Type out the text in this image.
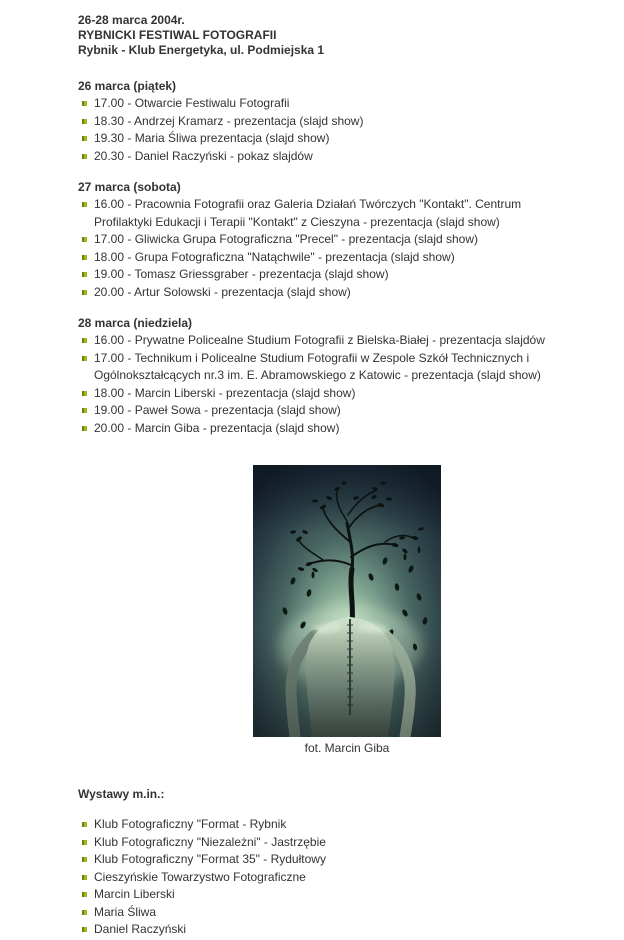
26-28 marca 2004r.
RYBNICKI FESTIWAL FOTOGRAFII
Rybnik - Klub Energetyka, ul. Podmiejska 1
26 marca (piątek)
17.00 - Otwarcie Festiwalu Fotografii
18.30 - Andrzej Kramarz - prezentacja (slajd show)
19.30 - Maria Śliwa prezentacja (slajd show)
20.30 - Daniel Raczyński - pokaz slajdów
27 marca (sobota)
16.00 - Pracownia Fotografii oraz Galeria Działań Twórczych "Kontakt". Centrum Profilaktyki Edukacji i Terapii "Kontakt" z Cieszyna - prezentacja (slajd show)
17.00 - Gliwicka Grupa Fotograficzna "Precel" - prezentacja (slajd show)
18.00 - Grupa Fotograficzna "Natąchwile" - prezentacja (slajd show)
19.00 - Tomasz Griessgraber - prezentacja (slajd show)
20.00 - Artur Solowski - prezentacja (slajd show)
28 marca (niedziela)
16.00 - Prywatne Policealne Studium Fotografii z Bielska-Białej - prezentacja slajdów
17.00 - Technikum i Policealne Studium Fotografii w Zespole Szkół Technicznych i Ogólnokształcących nr.3 im. E. Abramowskiego z Katowic - prezentacja (slajd show)
18.00 - Marcin Liberski - prezentacja (slajd show)
19.00 - Paweł Sowa - prezentacja (slajd show)
20.00 - Marcin Giba - prezentacja (slajd show)
fot. Marcin Giba
Wystawy m.in.:
Klub Fotograficzny "Format - Rybnik
Klub Fotograficzny "Niezależni" - Jastrzębie
Klub Fotograficzny "Format 35" - Rydułtowy
Cieszyńskie Towarzystwo Fotograficzne
Marcin Liberski
Maria Śliwa
Daniel Raczyński
